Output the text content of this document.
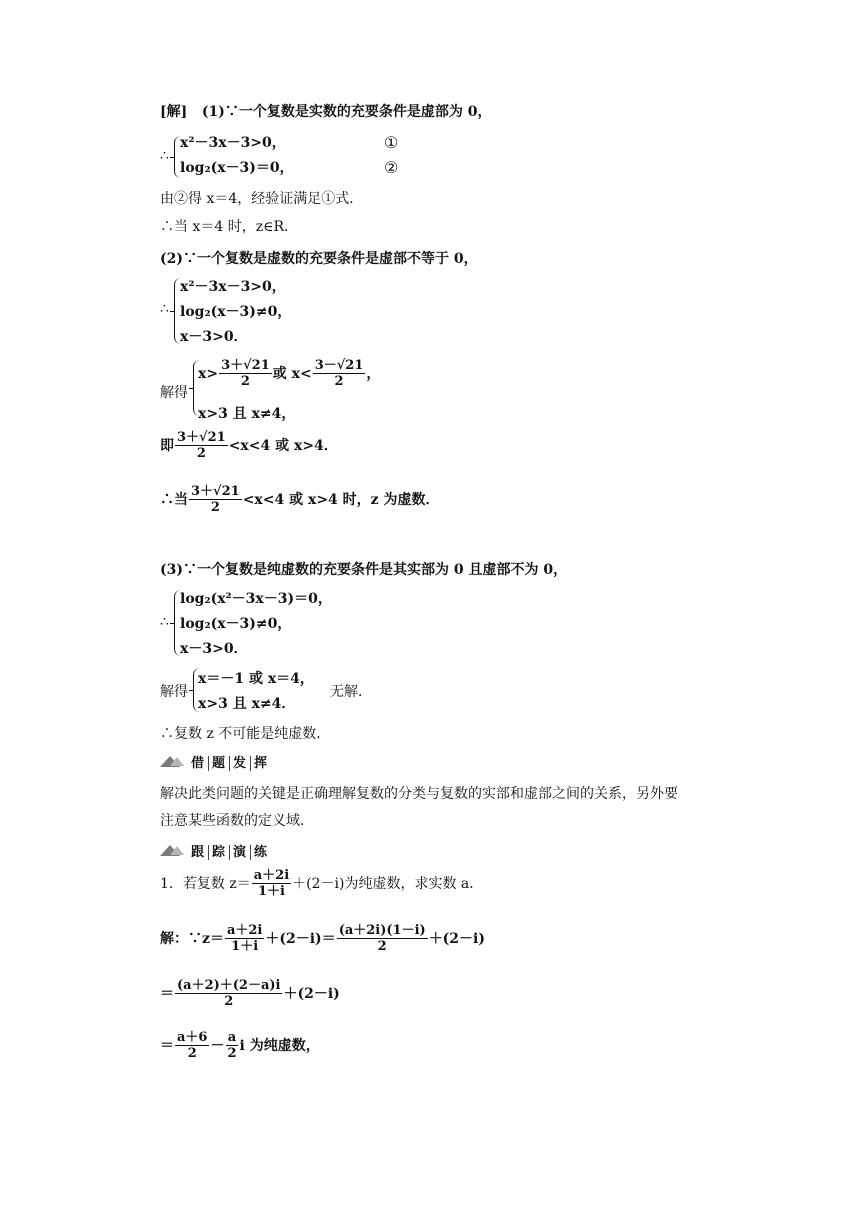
[解] (1)∵一个复数是实数的充要条件是虚部为 0，
∴
x²－3x－3>0，
log₂(x－3)＝0，
①
②
由②得 x＝4，经验证满足①式．
∴当 x＝4 时，z∈R．
(2)∵一个复数是虚数的充要条件是虚部不等于 0，
∴
x²－3x－3>0，
log₂(x－3)≠0，
x－3>0．
解得
$x> \frac{3+√21}{2}$ 或 $x< \frac{3-√21}{2}$ ，
x>3 且 x≠4，
即 $\frac{3+√21}{2} <x<4$ 或 x>4．
∴当 $\frac{3+√21}{2} <x<4$ 或 x>4 时，z 为虚数．
(3)∵一个复数是纯虚数的充要条件是其实部为 0 且虚部不为 0，
∴
log₂(x²－3x－3)＝0，
log₂(x－3)≠0，
x－3>0．
解得
x＝－1 或 x＝4，
x>3 且 x≠4．
无解．
∴复数 z 不可能是纯虚数．
借 题 发 挥
解决此类问题的关键是正确理解复数的分类与复数的实部和虚部之间的关系，另外要
注意某些函数的定义域．
跟 踪 演 练
1．若复数 $z= \frac{a+2i}{1+i} +(2-i)$为纯虚数，求实数 a．
解：∵z＝ $\frac{a+2i}{1+i} +(2-i)= \frac{(a+2i)(1-i)}{2} +(2-i)$
＝ $\frac{(a+2)+(2-a)i}{2} +(2-i)$
＝ $\frac{a+6}{2} - \frac{a}{2}$ i 为纯虚数，
